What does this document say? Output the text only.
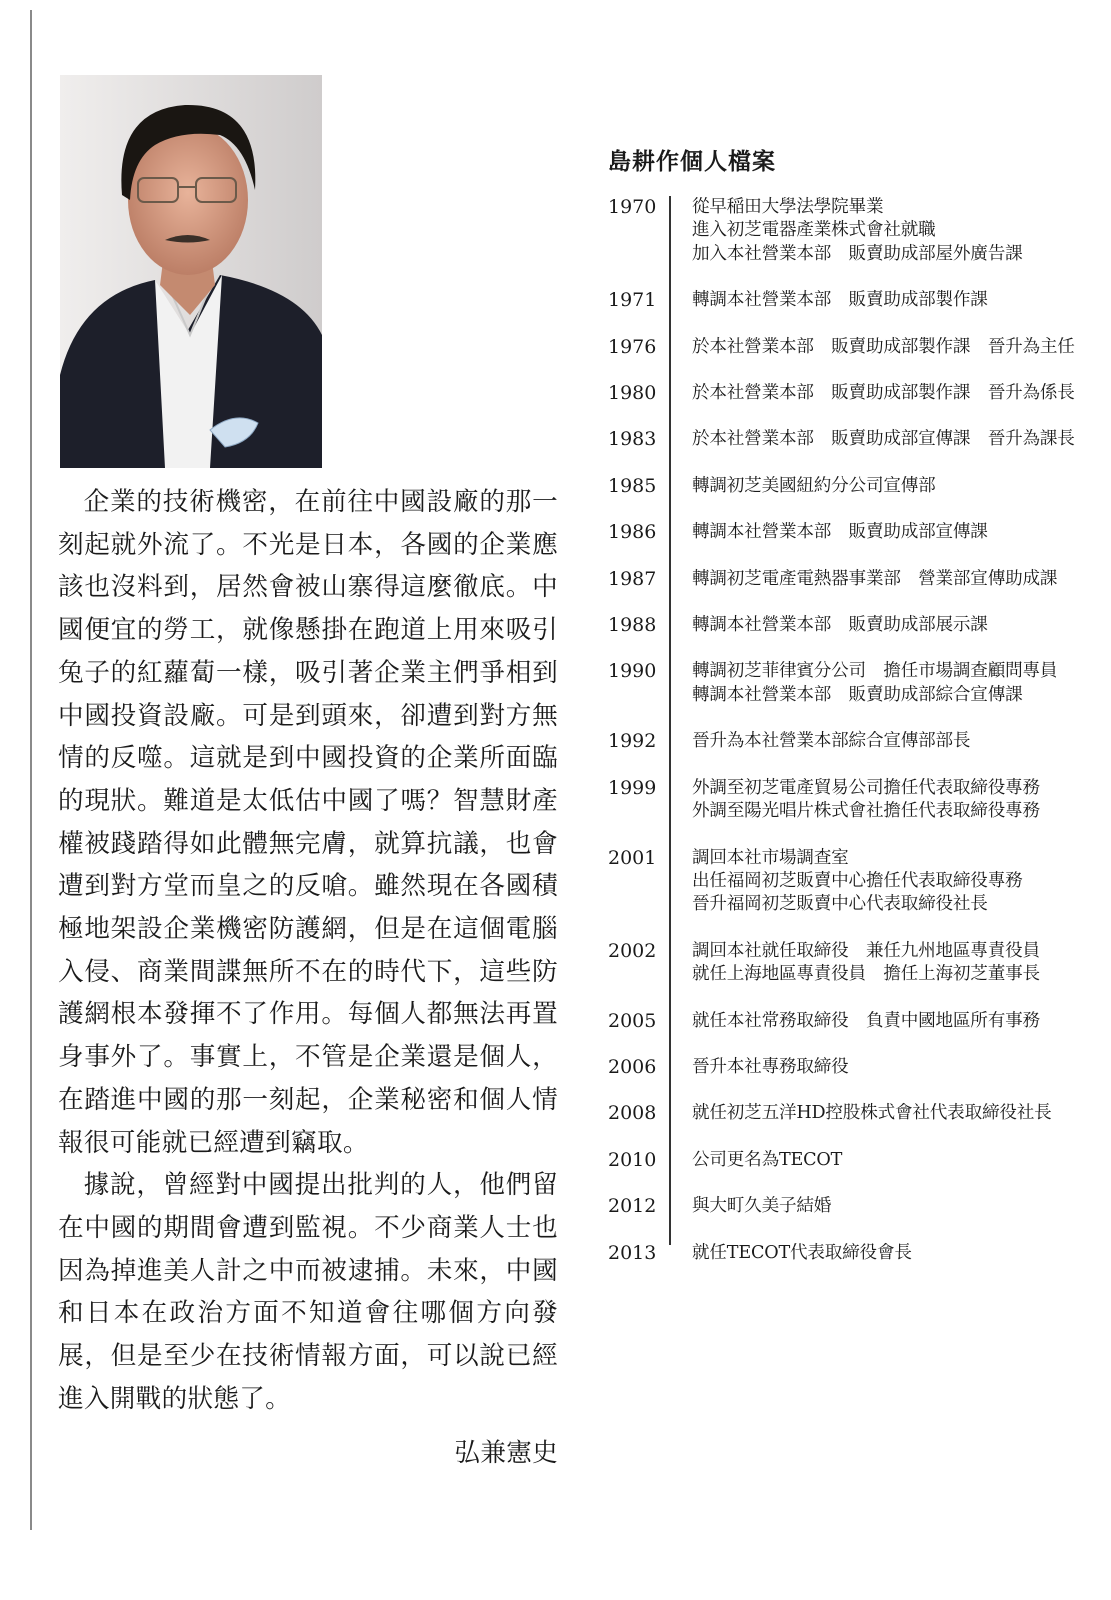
企業的技術機密，在前往中國設廠的那一刻起就外流了。不光是日本，各國的企業應該也沒料到，居然會被山寨得這麼徹底。中國便宜的勞工，就像懸掛在跑道上用來吸引兔子的紅蘿蔔一樣，吸引著企業主們爭相到中國投資設廠。可是到頭來，卻遭到對方無情的反噬。這就是到中國投資的企業所面臨的現狀。難道是太低估中國了嗎？智慧財產權被踐踏得如此體無完膚，就算抗議，也會遭到對方堂而皇之的反嗆。雖然現在各國積極地架設企業機密防護網，但是在這個電腦入侵、商業間諜無所不在的時代下，這些防護網根本發揮不了作用。每個人都無法再置身事外了。事實上，不管是企業還是個人，在踏進中國的那一刻起，企業秘密和個人情報很可能就已經遭到竊取。

據說，曾經對中國提出批判的人，他們留在中國的期間會遭到監視。不少商業人士也因為掉進美人計之中而被逮捕。未來，中國和日本在政治方面不知道會往哪個方向發展，但是至少在技術情報方面，可以說已經進入開戰的狀態了。

弘兼憲史

島耕作個人檔案
1970	從早稲田大學法學院畢業
進入初芝電器產業株式會社就職
加入本社營業本部　販賣助成部屋外廣告課
1971	轉調本社營業本部　販賣助成部製作課
1976	於本社營業本部　販賣助成部製作課　晉升為主任
1980	於本社營業本部　販賣助成部製作課　晉升為係長
1983	於本社營業本部　販賣助成部宣傳課　晉升為課長
1985	轉調初芝美國紐約分公司宣傳部
1986	轉調本社營業本部　販賣助成部宣傳課
1987	轉調初芝電產電熱器事業部　營業部宣傳助成課
1988	轉調本社營業本部　販賣助成部展示課
1990	轉調初芝菲律賓分公司　擔任市場調查顧問專員
轉調本社營業本部　販賣助成部綜合宣傳課
1992	晉升為本社營業本部綜合宣傳部部長
1999	外調至初芝電產貿易公司擔任代表取締役專務
外調至陽光唱片株式會社擔任代表取締役專務
2001	調回本社市場調查室
出任福岡初芝販賣中心擔任代表取締役專務
晉升福岡初芝販賣中心代表取締役社長
2002	調回本社就任取締役　兼任九州地區專責役員
就任上海地區專責役員　擔任上海初芝董事長
2005	就任本社常務取締役　負責中國地區所有事務
2006	晉升本社專務取締役
2008	就任初芝五洋HD控股株式會社代表取締役社長
2010	公司更名為TECOT
2012	與大町久美子結婚
2013	就任TECOT代表取締役會長
